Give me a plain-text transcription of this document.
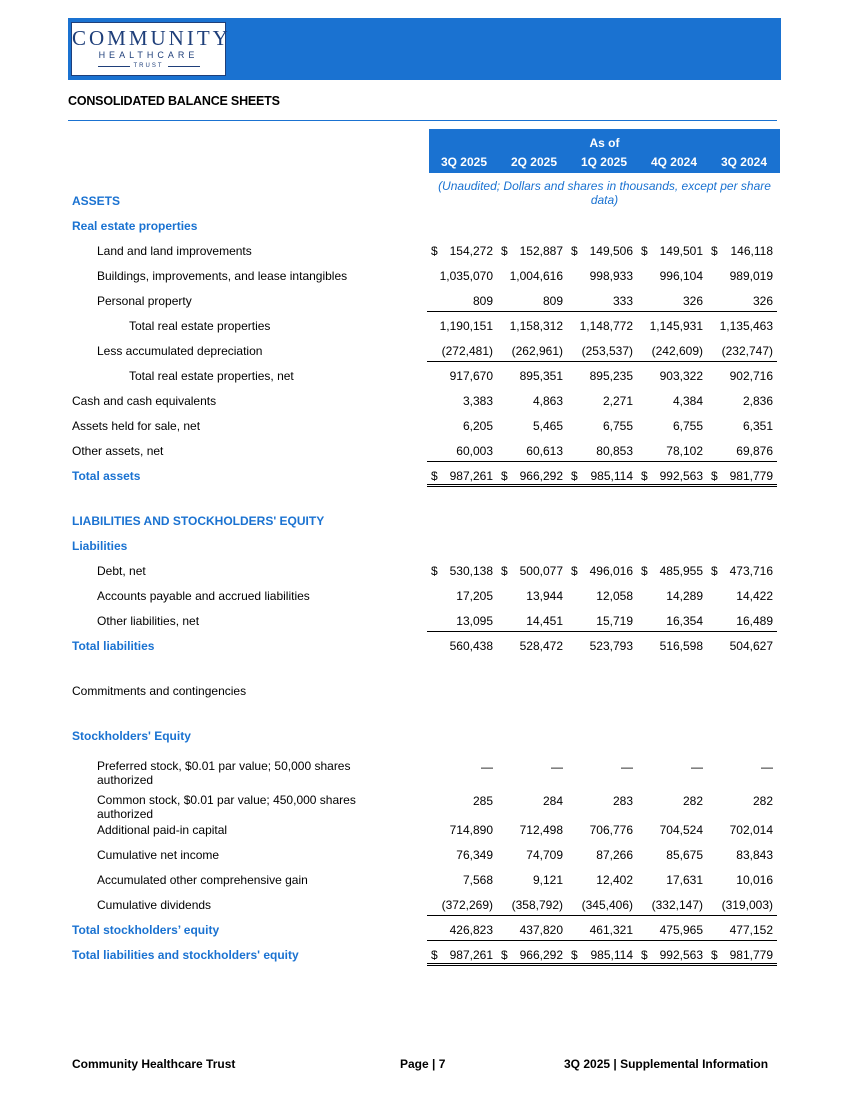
COMMUNITY
HEALTHCARE
TRUST
CONSOLIDATED BALANCE SHEETS
As of
3Q 2025	2Q 2025	1Q 2025	4Q 2024	3Q 2024
(Unaudited; Dollars and shares in thousands, except per share data)
ASSETS
Real estate properties
Land and land improvements	$ 154,272 $ 152,887 $ 149,506 $ 149,501 $ 146,118
Buildings, improvements, and lease intangibles	1,035,070	1,004,616	998,933	996,104	989,019
Personal property	809	809	333	326	326
Total real estate properties	1,190,151	1,158,312	1,148,772	1,145,931	1,135,463
Less accumulated depreciation	(272,481)	(262,961)	(253,537)	(242,609)	(232,747)
Total real estate properties, net	917,670	895,351	895,235	903,322	902,716
Cash and cash equivalents	3,383	4,863	2,271	4,384	2,836
Assets held for sale, net	6,205	5,465	6,755	6,755	6,351
Other assets, net	60,003	60,613	80,853	78,102	69,876
Total assets	$ 987,261 $ 966,292 $ 985,114 $ 992,563 $ 981,779
LIABILITIES AND STOCKHOLDERS' EQUITY
Liabilities
Debt, net	$ 530,138 $ 500,077 $ 496,016 $ 485,955 $ 473,716
Accounts payable and accrued liabilities	17,205	13,944	12,058	14,289	14,422
Other liabilities, net	13,095	14,451	15,719	16,354	16,489
Total liabilities	560,438	528,472	523,793	516,598	504,627
Commitments and contingencies
Stockholders' Equity
Preferred stock, $0.01 par value; 50,000 shares authorized
—	—	—	—	—
Common stock, $0.01 par value; 450,000 shares authorized
285	284	283	282	282
Additional paid-in capital	714,890	712,498	706,776	704,524	702,014
Cumulative net income	76,349	74,709	87,266	85,675	83,843
Accumulated other comprehensive gain	7,568	9,121	12,402	17,631	10,016
Cumulative dividends	(372,269)	(358,792)	(345,406)	(332,147)	(319,003)
Total stockholders’ equity	426,823	437,820	461,321	475,965	477,152
Total liabilities and stockholders' equity	$ 987,261 $ 966,292 $ 985,114 $ 992,563 $ 981,779
Community Healthcare Trust	Page | 7	3Q 2025 | Supplemental Information
